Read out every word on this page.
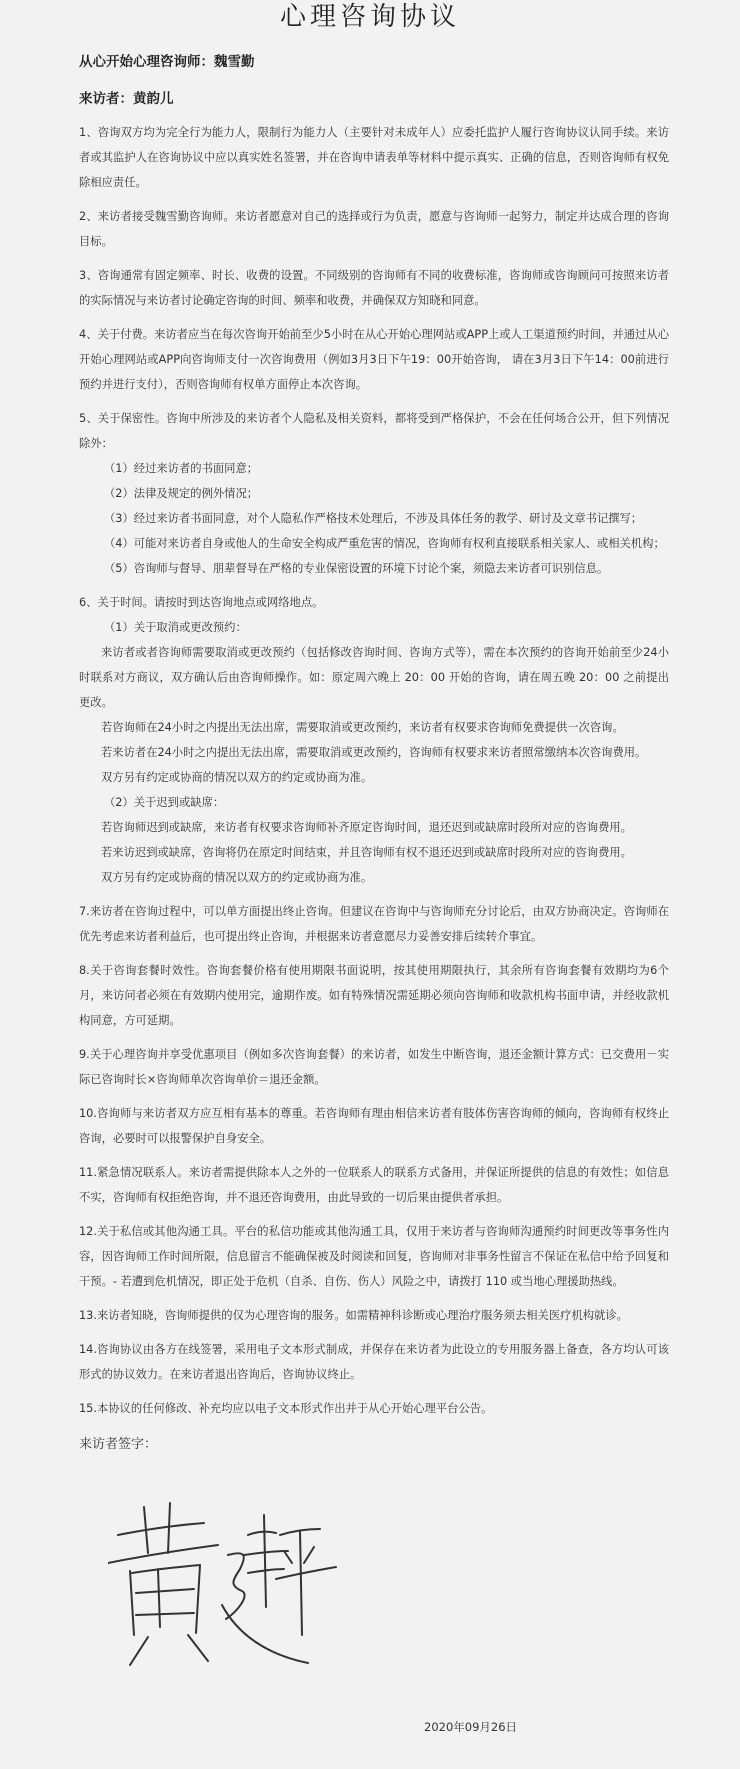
心理咨询协议
从心开始心理咨询师：魏雪勤
来访者：黄韵儿

1、咨询双方均为完全行为能力人，限制行为能力人（主要针对未成年人）应委托监护人履行咨询协议认同手续。来访者或其监护人在咨询协议中应以真实姓名签署，并在咨询申请表单等材料中提示真实、正确的信息，否则咨询师有权免除相应责任。

2、来访者接受魏雪勤咨询师。来访者愿意对自己的选择或行为负责，愿意与咨询师一起努力，制定并达成合理的咨询目标。

3、咨询通常有固定频率、时长、收费的设置。不同级别的咨询师有不同的收费标准，咨询师或咨询顾问可按照来访者的实际情况与来访者讨论确定咨询的时间、频率和收费，并确保双方知晓和同意。

4、关于付费。来访者应当在每次咨询开始前至少5小时在从心开始心理网站或APP上或人工渠道预约时间，并通过从心开始心理网站或APP向咨询师支付一次咨询费用（例如3月3日下午19：00开始咨询， 请在3月3日下午14：00前进行预约并进行支付），否则咨询师有权单方面停止本次咨询。

5、关于保密性。咨询中所涉及的来访者个人隐私及相关资料，都将受到严格保护，不会在任何场合公开，但下列情况除外：

（1）经过来访者的书面同意；

（2）法律及规定的例外情况；

（3）经过来访者书面同意，对个人隐私作严格技术处理后，不涉及具体任务的教学、研讨及文章书记撰写；

（4）可能对来访者自身或他人的生命安全构成严重危害的情况，咨询师有权利直接联系相关家人、或相关机构；

（5）咨询师与督导、朋辈督导在严格的专业保密设置的环境下讨论个案，须隐去来访者可识别信息。

6、关于时间。请按时到达咨询地点或网络地点。

（1）关于取消或更改预约：

来访者或者咨询师需要取消或更改预约（包括修改咨询时间、咨询方式等），需在本次预约的咨询开始前至少24小时联系对方商议，双方确认后由咨询师操作。如：原定周六晚上 20：00 开始的咨询，请在周五晚 20：00 之前提出更改。

若咨询师在24小时之内提出无法出席，需要取消或更改预约，来访者有权要求咨询师免费提供一次咨询。

若来访者在24小时之内提出无法出席，需要取消或更改预约，咨询师有权要求来访者照常缴纳本次咨询费用。

双方另有约定或协商的情况以双方的约定或协商为准。

（2）关于迟到或缺席：

若咨询师迟到或缺席，来访者有权要求咨询师补齐原定咨询时间，退还迟到或缺席时段所对应的咨询费用。

若来访迟到或缺席，咨询将仍在原定时间结束，并且咨询师有权不退还迟到或缺席时段所对应的咨询费用。

双方另有约定或协商的情况以双方的约定或协商为准。

7.来访者在咨询过程中，可以单方面提出终止咨询。但建议在咨询中与咨询师充分讨论后，由双方协商决定。咨询师在优先考虑来访者利益后，也可提出终止咨询，并根据来访者意愿尽力妥善安排后续转介事宜。

8.关于咨询套餐时效性。咨询套餐价格有使用期限书面说明，按其使用期限执行，其余所有咨询套餐有效期均为6个月，来访问者必须在有效期内使用完，逾期作废。如有特殊情况需延期必须向咨询师和收款机构书面申请，并经收款机构同意，方可延期。

9.关于心理咨询并享受优惠项目（例如多次咨询套餐）的来访者，如发生中断咨询，退还金额计算方式：已交费用－实际已咨询时长×咨询师单次咨询单价＝退还金额。

10.咨询师与来访者双方应互相有基本的尊重。若咨询师有理由相信来访者有肢体伤害咨询师的倾向，咨询师有权终止咨询，必要时可以报警保护自身安全。

11.紧急情况联系人。来访者需提供除本人之外的一位联系人的联系方式备用，并保证所提供的信息的有效性；如信息不实，咨询师有权拒绝咨询，并不退还咨询费用，由此导致的一切后果由提供者承担。

12.关于私信或其他沟通工具。平台的私信功能或其他沟通工具，仅用于来访者与咨询师沟通预约时间更改等事务性内容，因咨询师工作时间所限，信息留言不能确保被及时阅读和回复，咨询师对非事务性留言不保证在私信中给予回复和干预。- 若遭到危机情况，即正处于危机（自杀、自伤、伤人）风险之中，请拨打 110 或当地心理援助热线。

13.来访者知晓，咨询师提供的仅为心理咨询的服务。如需精神科诊断或心理治疗服务须去相关医疗机构就诊。

14.咨询协议由各方在线签署，采用电子文本形式制成，并保存在来访者为此设立的专用服务器上备查，各方均认可该形式的协议效力。在来访者退出咨询后，咨询协议终止。

15.本协议的任何修改、补充均应以电子文本形式作出并于从心开始心理平台公告。

来访者签字：
2020年09月26日
